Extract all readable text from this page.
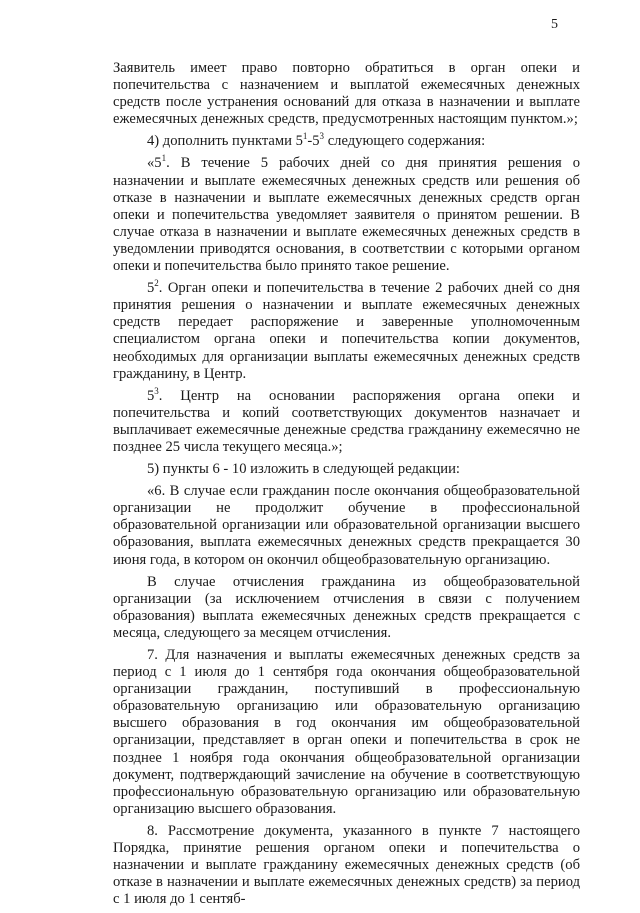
5

Заявитель имеет право повторно обратиться в орган опеки и попечительства с назначением и выплатой ежемесячных денежных средств после устранения оснований для отказа в назначении и выплате ежемесячных денежных средств, предусмотренных настоящим пунктом.»;

4) дополнить пунктами $5^1-5^3$ следующего содержания:

«$5^1$. В течение 5 рабочих дней со дня принятия решения о назначении и выплате ежемесячных денежных средств или решения об отказе в назначении и выплате ежемесячных денежных средств орган опеки и попечительства уведомляет заявителя о принятом решении. В случае отказа в назначении и выплате ежемесячных денежных средств в уведомлении приводятся основания, в соответствии с которыми органом опеки и попечительства было принято такое решение.

$5^2$. Орган опеки и попечительства в течение 2 рабочих дней со дня принятия решения о назначении и выплате ежемесячных денежных средств передает распоряжение и заверенные уполномоченным специалистом органа опеки и попечительства копии документов, необходимых для организации выплаты ежемесячных денежных средств гражданину, в Центр.

$5^3$. Центр на основании распоряжения органа опеки и попечительства и копий соответствующих документов назначает и выплачивает ежемесячные денежные средства гражданину ежемесячно не позднее 25 числа текущего месяца.»;

5) пункты 6 - 10 изложить в следующей редакции:

«6. В случае если гражданин после окончания общеобразовательной организации не продолжит обучение в профессиональной образовательной организации или образовательной организации высшего образования, выплата ежемесячных денежных средств прекращается 30 июня года, в котором он окончил общеобразовательную организацию.

В случае отчисления гражданина из общеобразовательной организации (за исключением отчисления в связи с получением образования) выплата ежемесячных денежных средств прекращается с месяца, следующего за месяцем отчисления.

7. Для назначения и выплаты ежемесячных денежных средств за период с 1 июля до 1 сентября года окончания общеобразовательной организации гражданин, поступивший в профессиональную образовательную организацию или образовательную организацию высшего образования в год окончания им общеобразовательной организации, представляет в орган опеки и попечительства в срок не позднее 1 ноября года окончания общеобразовательной организации документ, подтверждающий зачисление на обучение в соответствующую профессиональную образовательную организацию или образовательную организацию высшего образования.

8. Рассмотрение документа, указанного в пункте 7 настоящего Порядка, принятие решения органом опеки и попечительства о назначении и выплате гражданину ежемесячных денежных средств (об отказе в назначении и выплате ежемесячных денежных средств) за период с 1 июля до 1 сентяб-
